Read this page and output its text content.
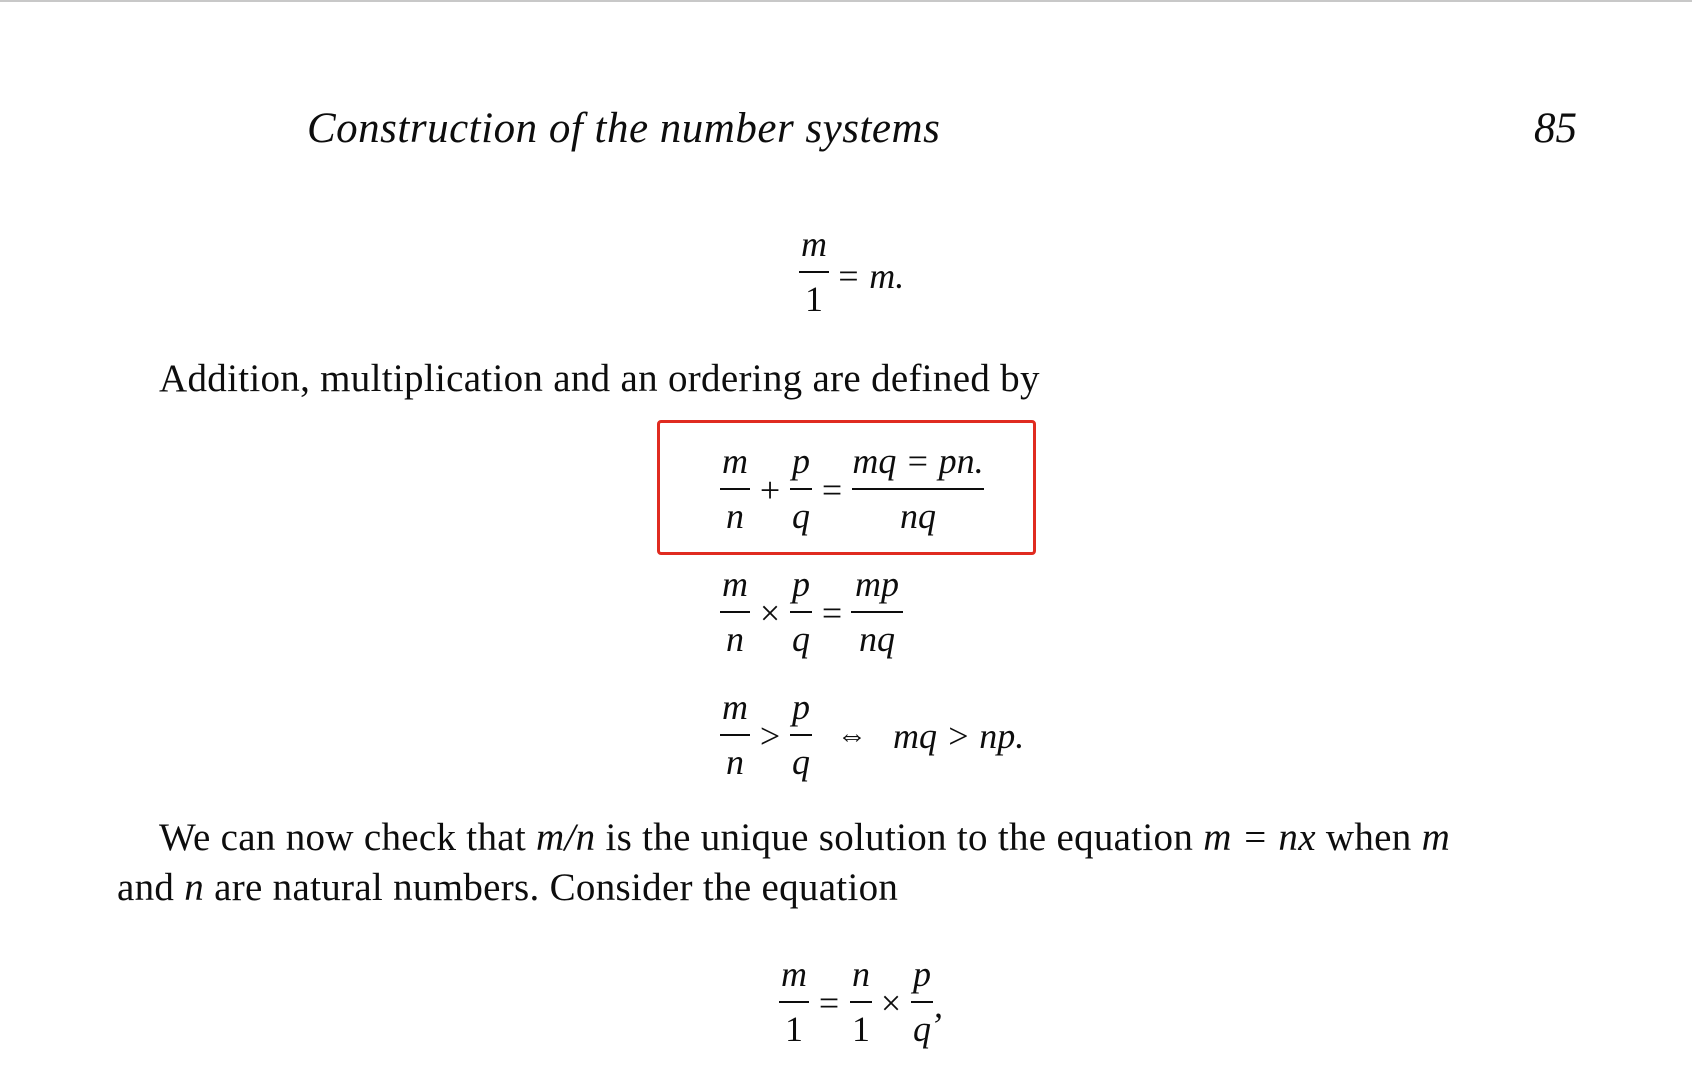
Construction of the number systems	85
m
1
= m.
Addition, multiplication and an ordering are defined by
m
n
+
p
q
=
mq = pn.
nq
m
n
×
p
q
=
mp
nq
m
n
>
p
q
⇔ mq > np.
We can now check that m/n is the unique solution to the equation m = nx when m
and n are natural numbers. Consider the equation
m
1
=
n
1
×
p
q
,
